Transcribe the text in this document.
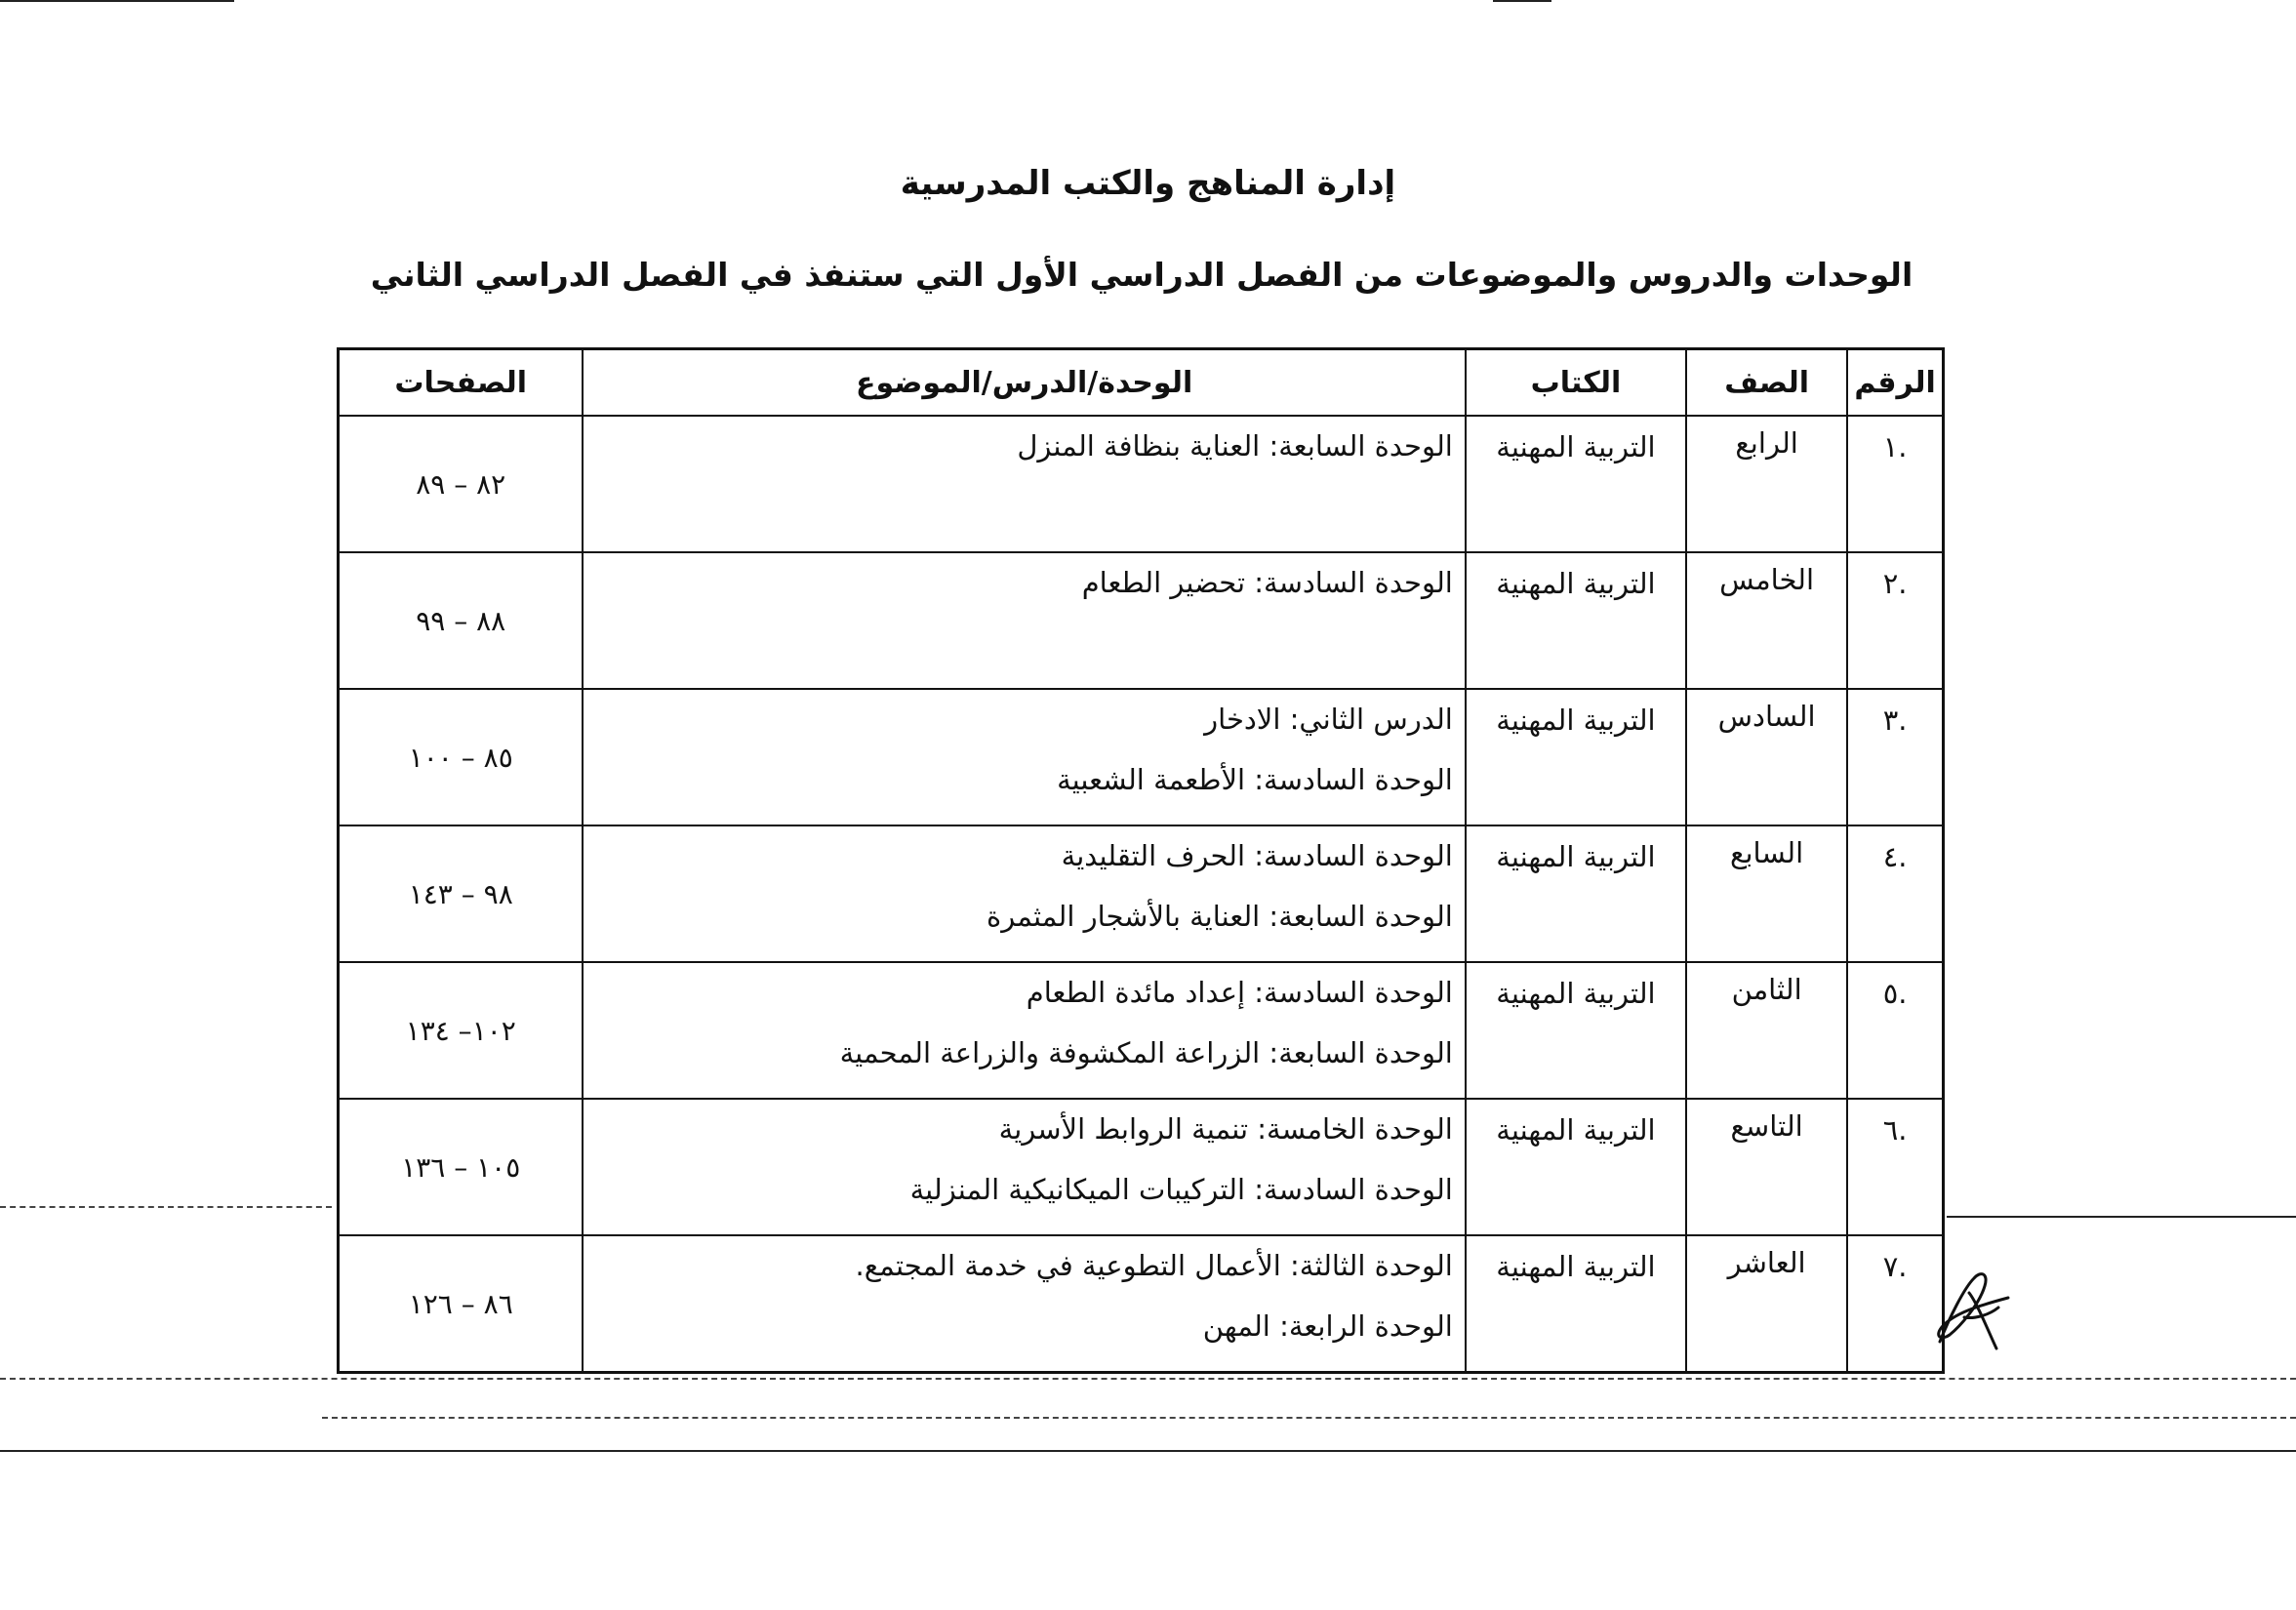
إدارة المناهج والكتب المدرسية
الوحدات والدروس والموضوعات من الفصل الدراسي الأول التي ستنفذ في الفصل الدراسي الثاني
الرقم	الصف	الكتاب	الوحدة/الدرس/الموضوع	الصفحات
.١	الرابع	التربية المهنية	الوحدة السابعة: العناية بنظافة المنزل	٨٢ – ٨٩
.٢	الخامس	التربية المهنية	الوحدة السادسة: تحضير الطعام	٨٨ – ٩٩
.٣	السادس	التربية المهنية	الدرس الثاني: الادخار
الوحدة السادسة: الأطعمة الشعبية	٨٥ – ١٠٠
.٤	السابع	التربية المهنية	الوحدة السادسة: الحرف التقليدية
الوحدة السابعة: العناية بالأشجار المثمرة	٩٨ – ١٤٣
.٥	الثامن	التربية المهنية	الوحدة السادسة: إعداد مائدة الطعام
الوحدة السابعة: الزراعة المكشوفة والزراعة المحمية	١٠٢– ١٣٤
.٦	التاسع	التربية المهنية	الوحدة الخامسة: تنمية الروابط الأسرية
الوحدة السادسة: التركيبات الميكانيكية المنزلية	١٠٥ – ١٣٦
.٧	العاشر	التربية المهنية	الوحدة الثالثة: الأعمال التطوعية في خدمة المجتمع.
الوحدة الرابعة: المهن	٨٦ – ١٢٦
